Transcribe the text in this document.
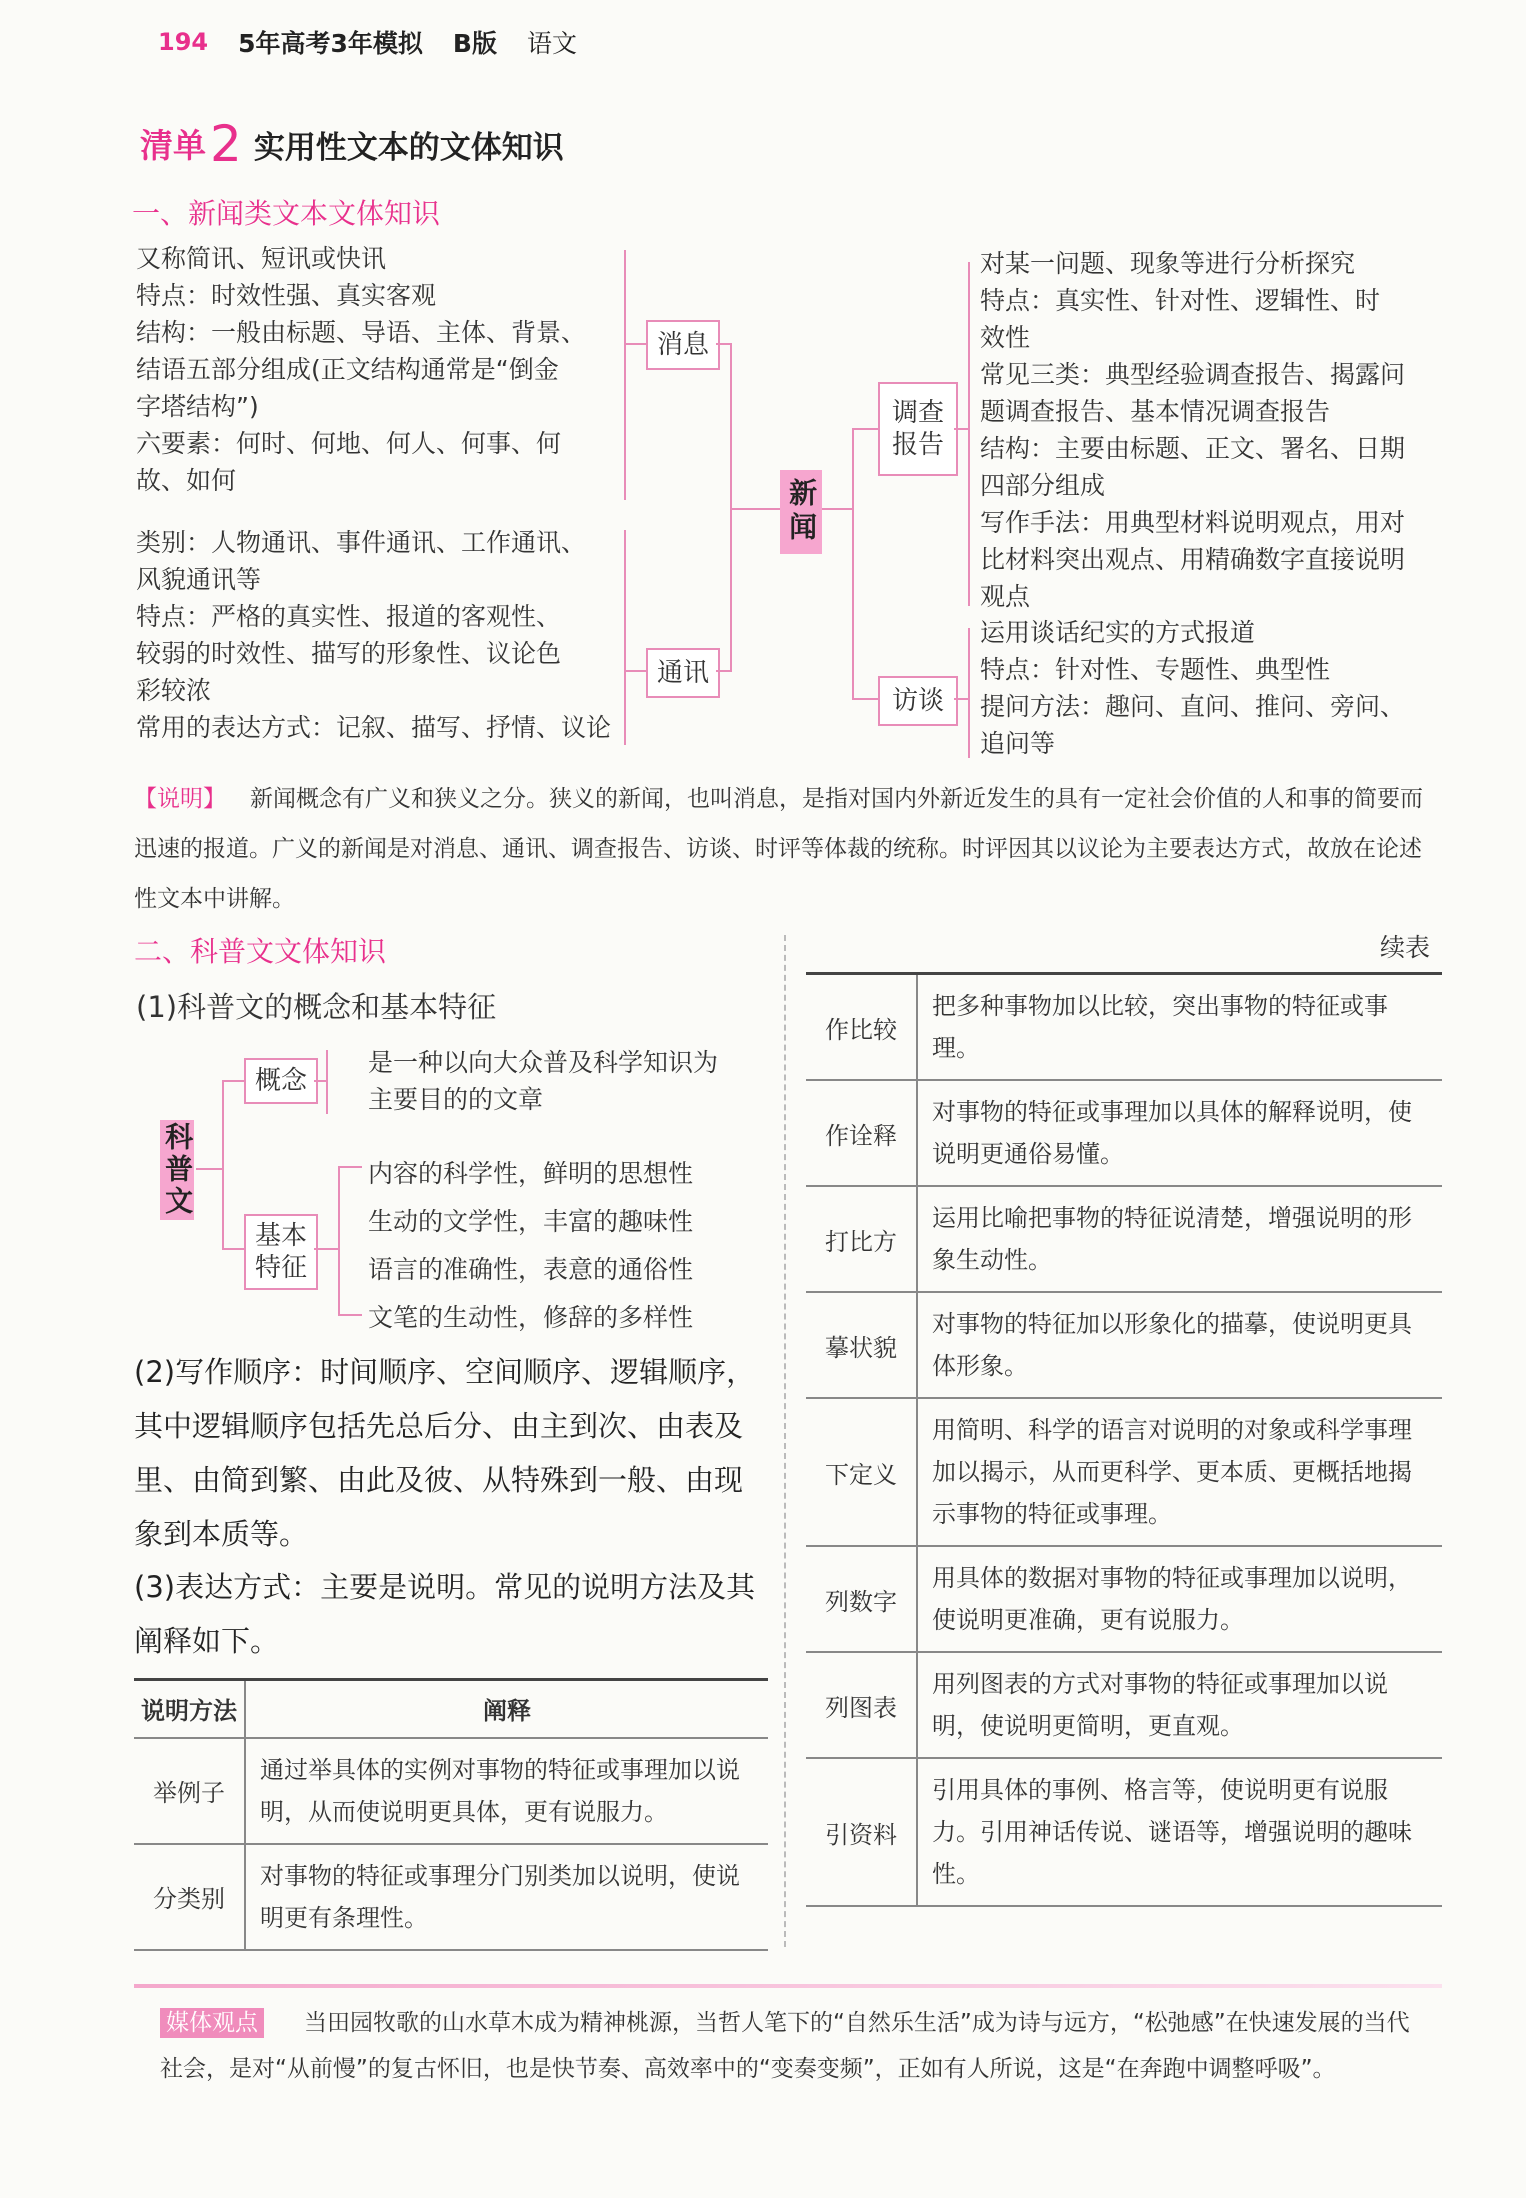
194 5年高考3年模拟 B版 语文
清单 2 实用性文本的文体知识
一、新闻类文本文体知识
又称简讯、短讯或快讯
特点：时效性强、真实客观
结构：一般由标题、导语、主体、背景、
结语五部分组成(正文结构通常是“倒金
字塔结构”)
六要素：何时、何地、何人、何事、何
故、如何
类别：人物通讯、事件通讯、工作通讯、
风貌通讯等
特点：严格的真实性、报道的客观性、
较弱的时效性、描写的形象性、议论色
彩较浓
常用的表达方式：记叙、描写、抒情、议论
消息
通讯
新闻
调查报告
访谈
对某一问题、现象等进行分析探究
特点：真实性、针对性、逻辑性、时
效性
常见三类：典型经验调查报告、揭露问
题调查报告、基本情况调查报告
结构：主要由标题、正文、署名、日期
四部分组成
写作手法：用典型材料说明观点，用对
比材料突出观点、用精确数字直接说明
观点
运用谈话纪实的方式报道
特点：针对性、专题性、典型性
提问方法：趣问、直问、推问、旁问、
追问等
【说明】 新闻概念有广义和狭义之分。狭义的新闻，也叫消息，是指对国内外新近发生的具有一定社会价值的人和事的简要而迅速的报道。广义的新闻是对消息、通讯、调查报告、访谈、时评等体裁的统称。时评因其以议论为主要表达方式，故放在论述性文本中讲解。
二、科普文文体知识
(1)科普文的概念和基本特征
科普文
概念
基本特征
是一种以向大众普及科学知识为
主要目的的文章
内容的科学性，鲜明的思想性
生动的文学性，丰富的趣味性
语言的准确性，表意的通俗性
文笔的生动性，修辞的多样性
(2)写作顺序：时间顺序、空间顺序、逻辑顺序，其中逻辑顺序包括先总后分、由主到次、由表及里、由简到繁、由此及彼、从特殊到一般、由现象到本质等。
(3)表达方式：主要是说明。常见的说明方法及其阐释如下。
说明方法	阐释
举例子	通过举具体的实例对事物的特征或事理加以说明，从而使说明更具体，更有说服力。
分类别	对事物的特征或事理分门别类加以说明，使说明更有条理性。
续表
作比较	把多种事物加以比较，突出事物的特征或事理。
作诠释	对事物的特征或事理加以具体的解释说明，使说明更通俗易懂。
打比方	运用比喻把事物的特征说清楚，增强说明的形象生动性。
摹状貌	对事物的特征加以形象化的描摹，使说明更具体形象。
下定义	用简明、科学的语言对说明的对象或科学事理加以揭示，从而更科学、更本质、更概括地揭示事物的特征或事理。
列数字	用具体的数据对事物的特征或事理加以说明，使说明更准确，更有说服力。
列图表	用列图表的方式对事物的特征或事理加以说明，使说明更简明，更直观。
引资料	引用具体的事例、格言等，使说明更有说服力。引用神话传说、谜语等，增强说明的趣味性。
媒体观点 当田园牧歌的山水草木成为精神桃源，当哲人笔下的“自然乐生活”成为诗与远方，“松弛感”在快速发展的当代社会，是对“从前慢”的复古怀旧，也是快节奏、高效率中的“变奏变频”，正如有人所说，这是“在奔跑中调整呼吸”。
